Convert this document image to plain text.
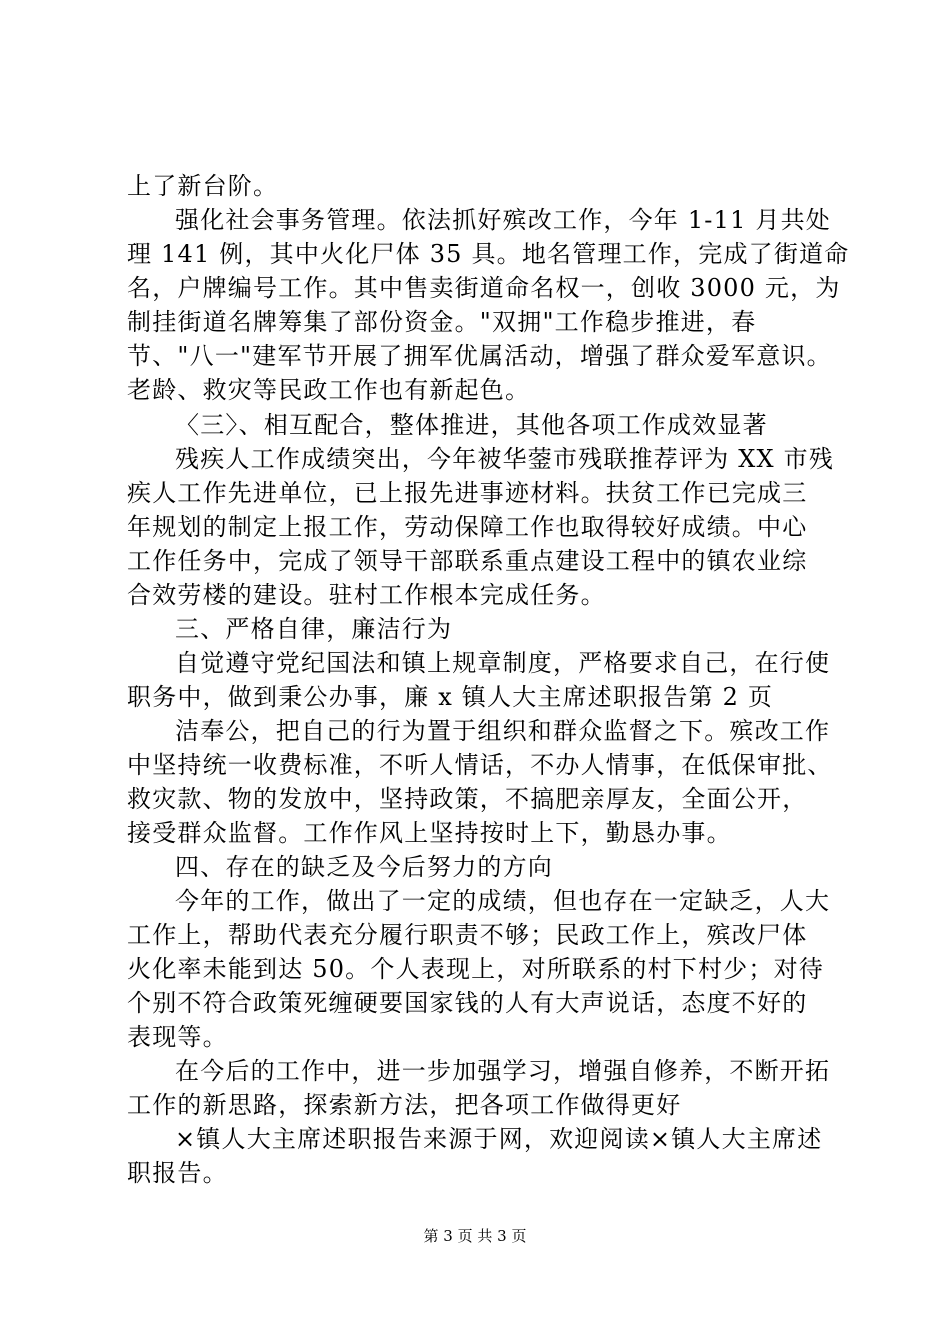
上了新台阶。
强化社会事务管理。依法抓好殡改工作，今年 1-11 月共处
理 141 例，其中火化尸体 35 具。地名管理工作，完成了街道命
名，户牌编号工作。其中售卖街道命名权一，创收 3000 元，为
制挂街道名牌筹集了部份资金。"双拥"工作稳步推进，春
节、"八一"建军节开展了拥军优属活动，增强了群众爱军意识。
老龄、救灾等民政工作也有新起色。
〈三〉、相互配合，整体推进，其他各项工作成效显著
残疾人工作成绩突出，今年被华蓥市残联推荐评为 XX 市残
疾人工作先进单位，已上报先进事迹材料。扶贫工作已完成三
年规划的制定上报工作，劳动保障工作也取得较好成绩。中心
工作任务中，完成了领导干部联系重点建设工程中的镇农业综
合效劳楼的建设。驻村工作根本完成任务。
三、严格自律，廉洁行为
自觉遵守党纪国法和镇上规章制度，严格要求自己，在行使
职务中，做到秉公办事，廉 x 镇人大主席述职报告第 2 页
洁奉公，把自己的行为置于组织和群众监督之下。殡改工作
中坚持统一收费标准，不听人情话，不办人情事，在低保审批、
救灾款、物的发放中，坚持政策，不搞肥亲厚友，全面公开，
接受群众监督。工作作风上坚持按时上下，勤恳办事。
四、存在的缺乏及今后努力的方向
今年的工作，做出了一定的成绩，但也存在一定缺乏，人大
工作上，帮助代表充分履行职责不够；民政工作上，殡改尸体
火化率未能到达 50。个人表现上，对所联系的村下村少；对待
个别不符合政策死缠硬要国家钱的人有大声说话，态度不好的
表现等。
在今后的工作中，进一步加强学习，增强自修养，不断开拓
工作的新思路，探索新方法，把各项工作做得更好
×镇人大主席述职报告来源于网，欢迎阅读×镇人大主席述
职报告。
第 3 页 共 3 页
